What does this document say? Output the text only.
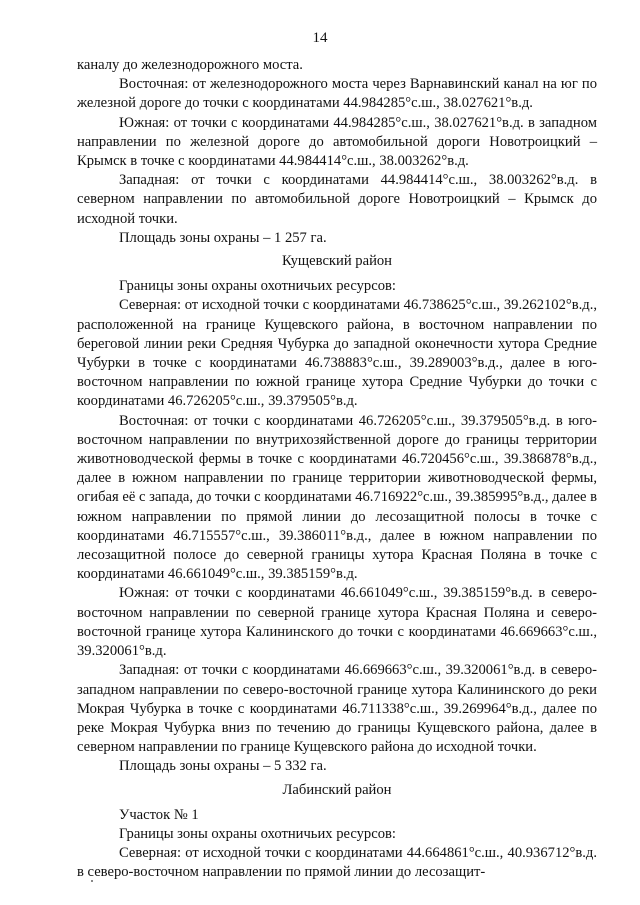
14

каналу до железнодорожного моста.

Восточная: от железнодорожного моста через Варнавинский канал на юг по железной дороге до точки с координатами 44.984285°с.ш., 38.027621°в.д.

Южная: от точки с координатами 44.984285°с.ш., 38.027621°в.д. в западном направлении по железной дороге до автомобильной дороги Новотроицкий – Крымск в точке с координатами 44.984414°с.ш., 38.003262°в.д.

Западная: от точки с координатами 44.984414°с.ш., 38.003262°в.д. в северном направлении по автомобильной дороге Новотроицкий – Крымск до исходной точки.

Площадь зоны охраны – 1 257 га.

Кущевский район

Границы зоны охраны охотничьих ресурсов:

Северная: от исходной точки с координатами 46.738625°с.ш., 39.262102°в.д., расположенной на границе Кущевского района, в восточном направлении по береговой линии реки Средняя Чубурка до западной оконечности хутора Средние Чубурки в точке с координатами 46.738883°с.ш., 39.289003°в.д., далее в юго-восточном направлении по южной границе хутора Средние Чубурки до точки с координатами 46.726205°с.ш., 39.379505°в.д.

Восточная: от точки с координатами 46.726205°с.ш., 39.379505°в.д. в юго-восточном направлении по внутрихозяйственной дороге до границы территории животноводческой фермы в точке с координатами 46.720456°с.ш., 39.386878°в.д., далее в южном направлении по границе территории животноводческой фермы, огибая её с запада, до точки с координатами 46.716922°с.ш., 39.385995°в.д., далее в южном направлении по прямой линии до лесозащитной полосы в точке с координатами 46.715557°с.ш., 39.386011°в.д., далее в южном направлении по лесозащитной полосе до северной границы хутора Красная Поляна в точке с координатами 46.661049°с.ш., 39.385159°в.д.

Южная: от точки с координатами 46.661049°с.ш., 39.385159°в.д. в северо-восточном направлении по северной границе хутора Красная Поляна и северо-восточной границе хутора Калининского до точки с координатами 46.669663°с.ш., 39.320061°в.д.

Западная: от точки с координатами 46.669663°с.ш., 39.320061°в.д. в северо-западном направлении по северо-восточной границе хутора Калининского до реки Мокрая Чубурка в точке с координатами 46.711338°с.ш., 39.269964°в.д., далее по реке Мокрая Чубурка вниз по течению до границы Кущевского района, далее в северном направлении по границе Кущевского района до исходной точки.

Площадь зоны охраны – 5 332 га.

Лабинский район

Участок № 1

Границы зоны охраны охотничьих ресурсов:

Северная: от исходной точки с координатами 44.664861°с.ш., 40.936712°в.д. в северо-восточном направлении по прямой линии до лесозащит-
